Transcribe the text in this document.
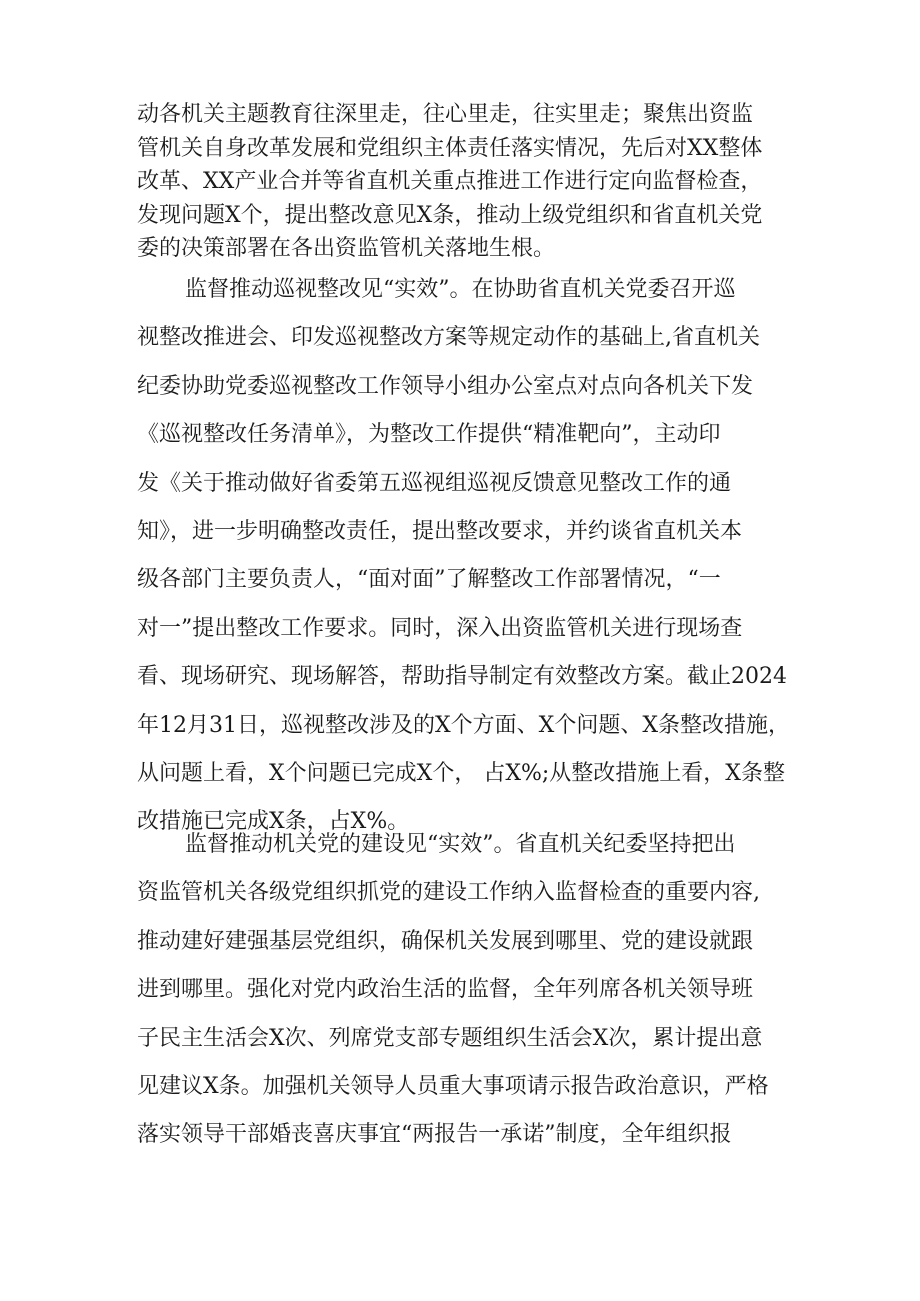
动各机关主题教育往深里走，往心里走，往实里走；聚焦出资监
管机关自身改革发展和党组织主体责任落实情况，先后对XX整体
改革、XX产业合并等省直机关重点推进工作进行定向监督检查，
发现问题X个，提出整改意见X条，推动上级党组织和省直机关党
委的决策部署在各出资监管机关落地生根。
监督推动巡视整改见“实效”。在协助省直机关党委召开巡
视整改推进会、印发巡视整改方案等规定动作的基础上,省直机关
纪委协助党委巡视整改工作领导小组办公室点对点向各机关下发
《巡视整改任务清单》，为整改工作提供“精准靶向”，主动印
发《关于推动做好省委第五巡视组巡视反馈意见整改工作的通
知》，进一步明确整改责任，提出整改要求，并约谈省直机关本
级各部门主要负责人，“面对面”了解整改工作部署情况，“一
对一”提出整改工作要求。同时，深入出资监管机关进行现场查
看、现场研究、现场解答，帮助指导制定有效整改方案。截止2024
年12月31日，巡视整改涉及的X个方面、X个问题、X条整改措施，
从问题上看，X个问题已完成X个， 占X%;从整改措施上看，X条整
改措施已完成X条，占X%。
监督推动机关党的建设见“实效”。省直机关纪委坚持把出
资监管机关各级党组织抓党的建设工作纳入监督检查的重要内容,
推动建好建强基层党组织，确保机关发展到哪里、党的建设就跟
进到哪里。强化对党内政治生活的监督，全年列席各机关领导班
子民主生活会X次、列席党支部专题组织生活会X次，累计提出意
见建议X条。加强机关领导人员重大事项请示报告政治意识，严格
落实领导干部婚丧喜庆事宜“两报告一承诺”制度，全年组织报
